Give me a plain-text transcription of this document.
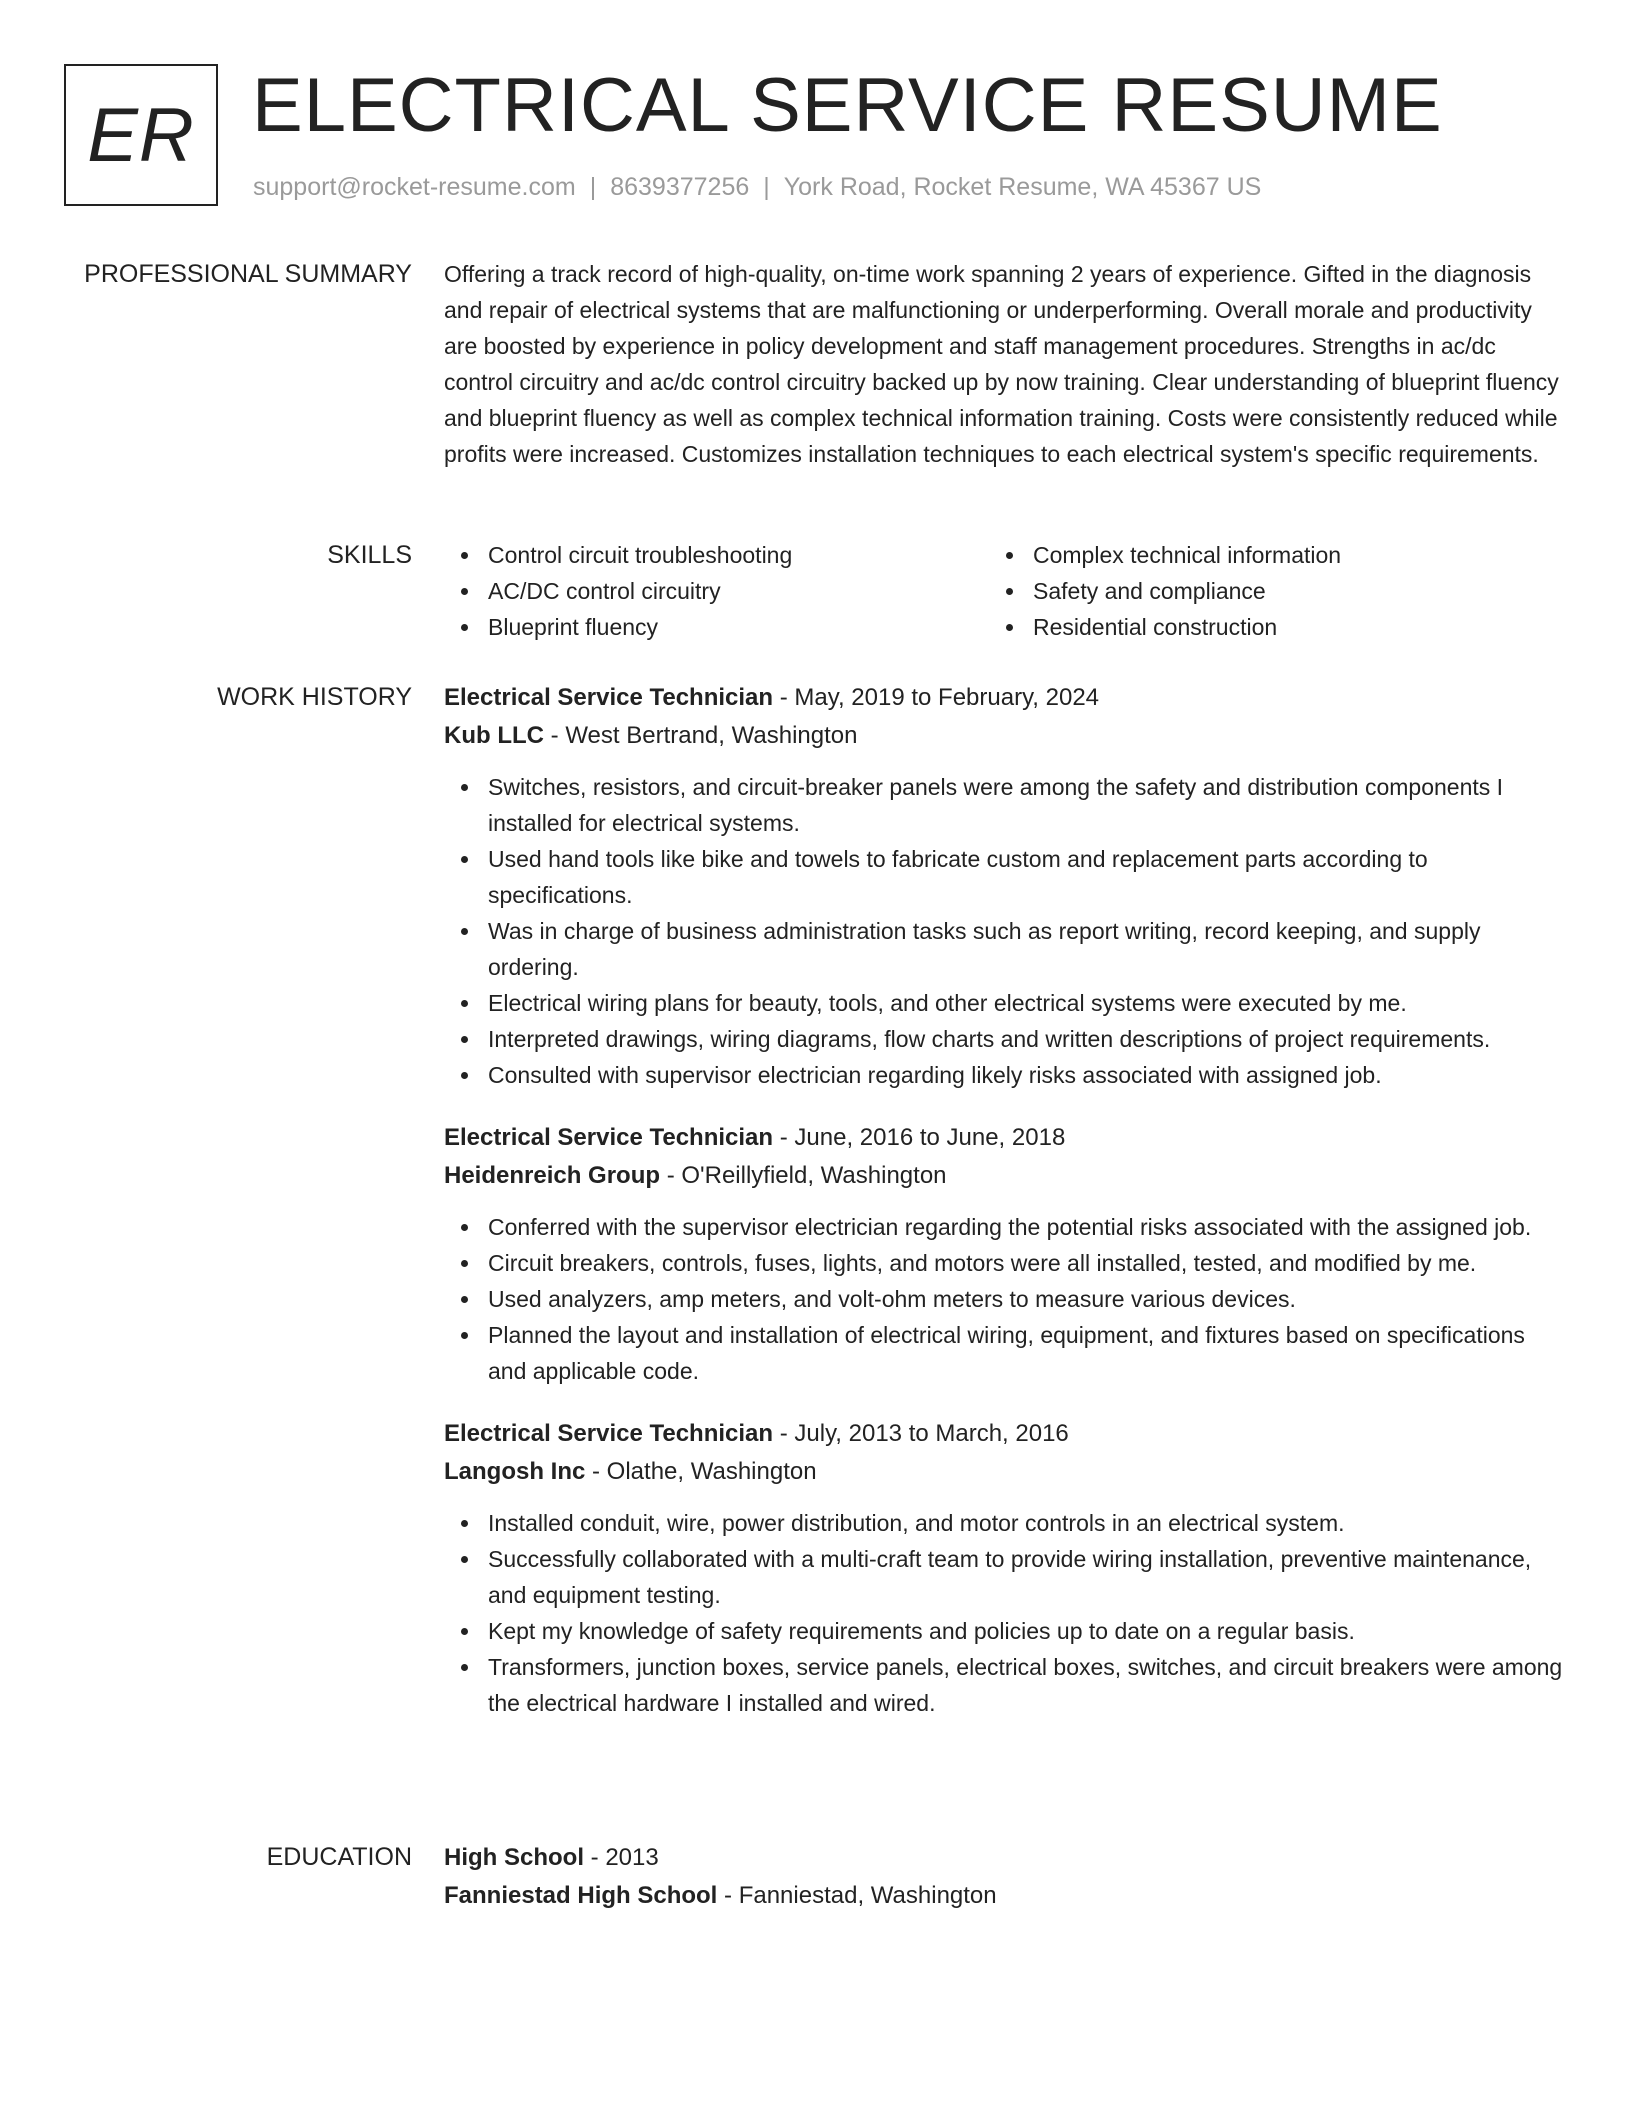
ER ELECTRICAL SERVICE RESUME
support@rocket-resume.com | 8639377256 | York Road, Rocket Resume, WA 45367 US
PROFESSIONAL SUMMARY Offering a track record of high-quality, on-time work spanning 2 years of experience. Gifted in the diagnosis and repair of electrical systems that are malfunctioning or underperforming. Overall morale and productivity are boosted by experience in policy development and staff management procedures. Strengths in ac/dc control circuitry and ac/dc control circuitry backed up by now training. Clear understanding of blueprint fluency and blueprint fluency as well as complex technical information training. Costs were consistently reduced while profits were increased. Customizes installation techniques to each electrical system's specific requirements.

SKILLS	Control circuit troubleshooting	Complex technical information
AC/DC control circuitry	Safety and compliance
Blueprint fluency	Residential construction
WORK HISTORY Electrical Service Technician - May, 2019 to February, 2024
Kub LLC - West Bertrand, Washington
Switches, resistors, and circuit-breaker panels were among the safety and distribution components I installed for electrical systems.
Used hand tools like bike and towels to fabricate custom and replacement parts according to specifications.
Was in charge of business administration tasks such as report writing, record keeping, and supply ordering.
Electrical wiring plans for beauty, tools, and other electrical systems were executed by me.
Interpreted drawings, wiring diagrams, flow charts and written descriptions of project requirements.
Consulted with supervisor electrician regarding likely risks associated with assigned job.
Electrical Service Technician - June, 2016 to June, 2018
Heidenreich Group - O'Reillyfield, Washington
Conferred with the supervisor electrician regarding the potential risks associated with the assigned job.
Circuit breakers, controls, fuses, lights, and motors were all installed, tested, and modified by me.
Used analyzers, amp meters, and volt-ohm meters to measure various devices.
Planned the layout and installation of electrical wiring, equipment, and fixtures based on specifications and applicable code.
Electrical Service Technician - July, 2013 to March, 2016
Langosh Inc - Olathe, Washington
Installed conduit, wire, power distribution, and motor controls in an electrical system.
Successfully collaborated with a multi-craft team to provide wiring installation, preventive maintenance, and equipment testing.
Kept my knowledge of safety requirements and policies up to date on a regular basis.
Transformers, junction boxes, service panels, electrical boxes, switches, and circuit breakers were among the electrical hardware I installed and wired.
EDUCATION High School - 2013
Fanniestad High School - Fanniestad, Washington
